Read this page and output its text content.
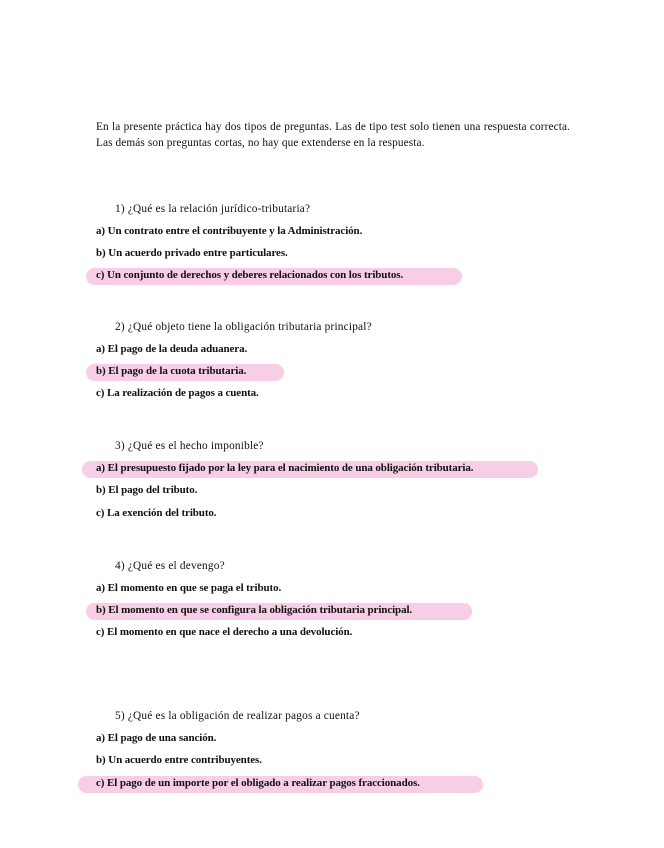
En la presente práctica hay dos tipos de preguntas. Las de tipo test solo tienen una respuesta correcta. Las demás son preguntas cortas, no hay que extenderse en la respuesta.
1) ¿Qué es la relación jurídico-tributaria?
a) Un contrato entre el contribuyente y la Administración.
b) Un acuerdo privado entre particulares.
c) Un conjunto de derechos y deberes relacionados con los tributos.
2) ¿Qué objeto tiene la obligación tributaria principal?
a) El pago de la deuda aduanera.
b) El pago de la cuota tributaria.
c) La realización de pagos a cuenta.
3) ¿Qué es el hecho imponible?
a) El presupuesto fijado por la ley para el nacimiento de una obligación tributaria.
b) El pago del tributo.
c) La exención del tributo.
4) ¿Qué es el devengo?
a) El momento en que se paga el tributo.
b) El momento en que se configura la obligación tributaria principal.
c) El momento en que nace el derecho a una devolución.
5) ¿Qué es la obligación de realizar pagos a cuenta?
a) El pago de una sanción.
b) Un acuerdo entre contribuyentes.
c) El pago de un importe por el obligado a realizar pagos fraccionados.
